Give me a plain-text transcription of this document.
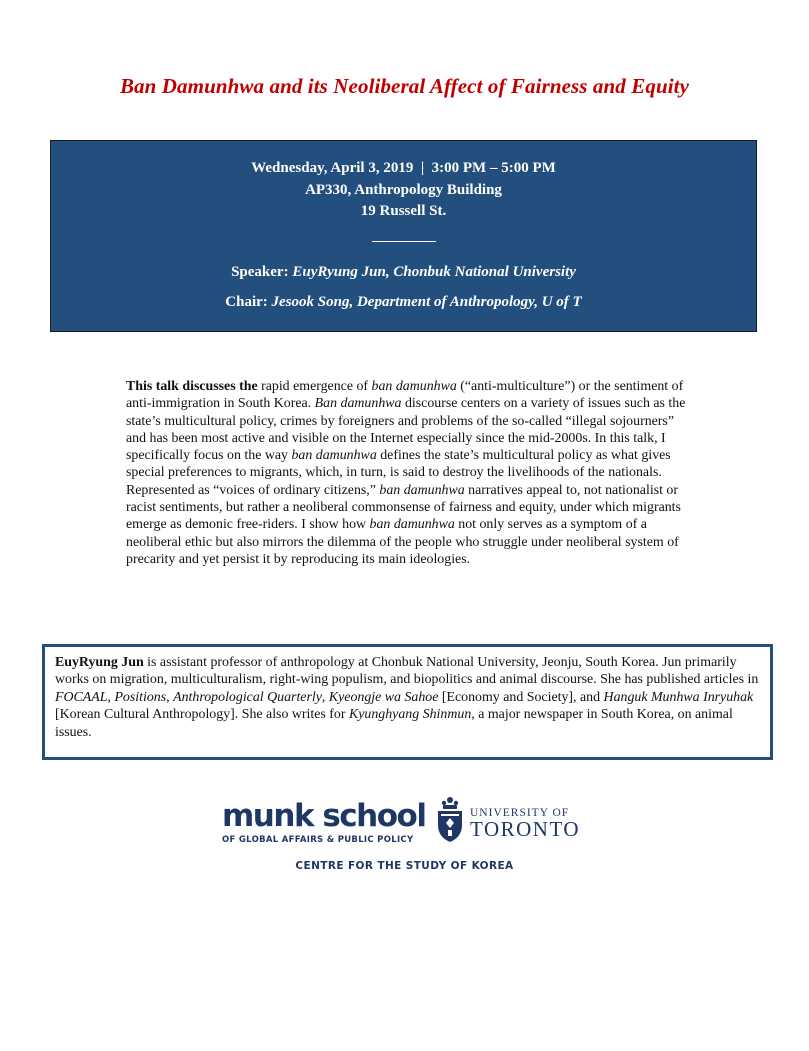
Ban Damunhwa and its Neoliberal Affect of Fairness and Equity
Wednesday, April 3, 2019  |  3:00 PM – 5:00 PM
AP330, Anthropology Building
19 Russell St.
Speaker: EuyRyung Jun, Chonbuk National University
Chair: Jesook Song, Department of Anthropology, U of T
This talk discusses the rapid emergence of ban damunhwa (“anti-multiculture”) or the sentiment of anti-immigration in South Korea. Ban damunhwa discourse centers on a variety of issues such as the state’s multicultural policy, crimes by foreigners and problems of the so-called “illegal sojourners” and has been most active and visible on the Internet especially since the mid-2000s. In this talk, I specifically focus on the way ban damunhwa defines the state’s multicultural policy as what gives special preferences to migrants, which, in turn, is said to destroy the livelihoods of the nationals. Represented as “voices of ordinary citizens,” ban damunhwa narratives appeal to, not nationalist or racist sentiments, but rather a neoliberal commonsense of fairness and equity, under which migrants emerge as demonic free-riders. I show how ban damunhwa not only serves as a symptom of a neoliberal ethic but also mirrors the dilemma of the people who struggle under neoliberal system of precarity and yet persist it by reproducing its main ideologies.
EuyRyung Jun is assistant professor of anthropology at Chonbuk National University, Jeonju, South Korea. Jun primarily works on migration, multiculturalism, right-wing populism, and biopolitics and animal discourse. She has published articles in FOCAAL, Positions, Anthropological Quarterly, Kyeongje wa Sahoe [Economy and Society], and Hanguk Munhwa Inryuhak [Korean Cultural Anthropology]. She also writes for Kyunghyang Shinmun, a major newspaper in South Korea, on animal issues.
munk school
OF GLOBAL AFFAIRS & PUBLIC POLICY
UNIVERSITY OF
TORONTO
CENTRE FOR THE STUDY OF KOREA
